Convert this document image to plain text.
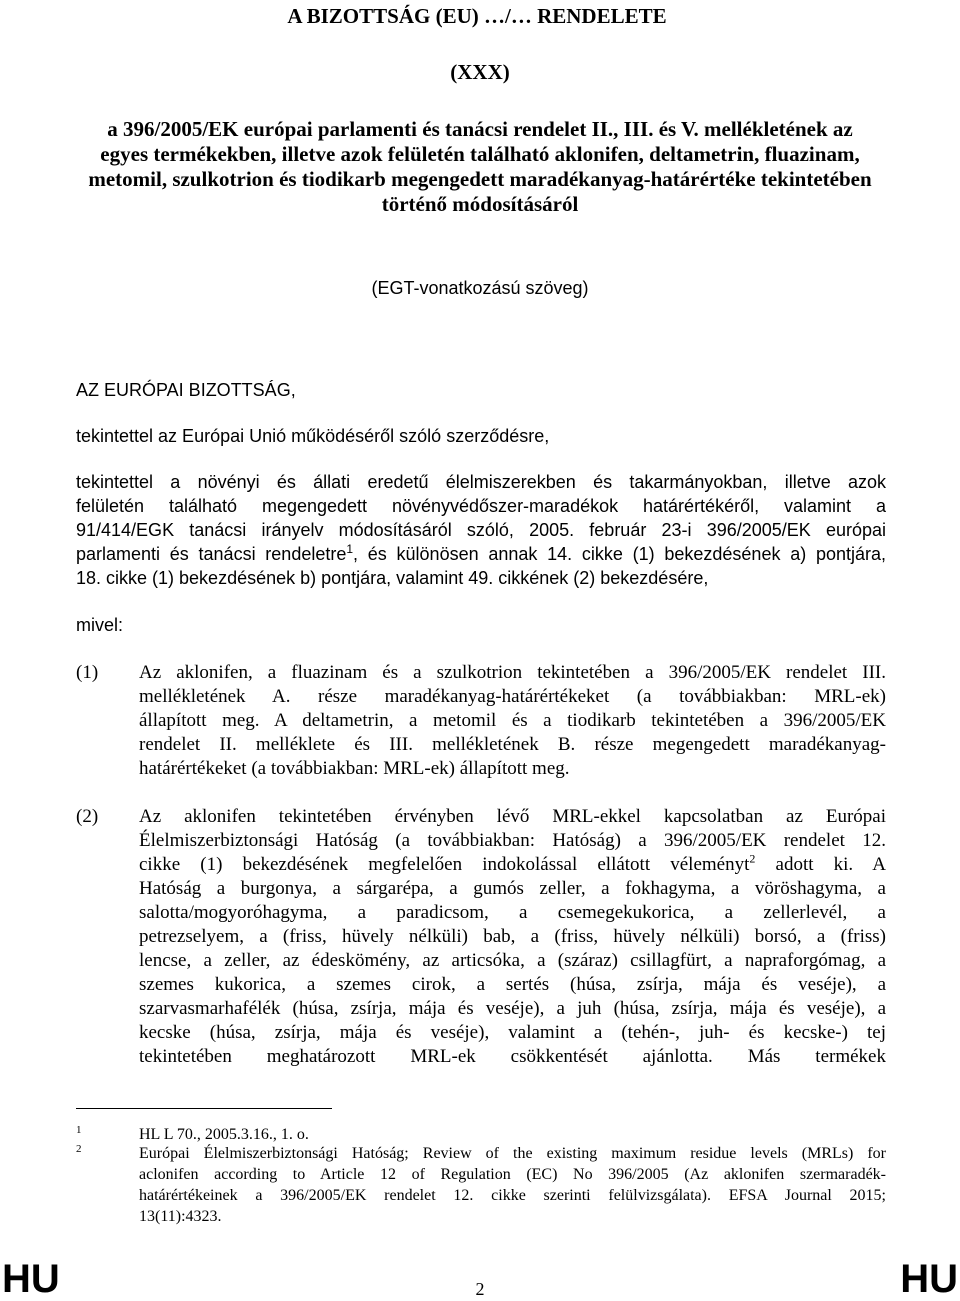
A BIZOTTSÁG (EU) …/… RENDELETE
(XXX)
a 396/2005/EK európai parlamenti és tanácsi rendelet II., III. és V. mellékletének az
egyes termékekben, illetve azok felületén található aklonifen, deltametrin, fluazinam,
metomil, szulkotrion és tiodikarb megengedett maradékanyag-határértéke tekintetében
történő módosításáról
(EGT-vonatkozású szöveg)
AZ EURÓPAI BIZOTTSÁG,
tekintettel az Európai Unió működéséről szóló szerződésre,
tekintettel a növényi és állati eredetű élelmiszerekben és takarmányokban, illetve azok
felületén található megengedett növényvédőszer-maradékok határértékéről, valamint a
91/414/EGK tanácsi irányelv módosításáról szóló, 2005. február 23-i 396/2005/EK európai
parlamenti és tanácsi rendeletre$^1$, és különösen annak 14. cikke (1) bekezdésének a) pontjára,
18. cikke (1) bekezdésének b) pontjára, valamint 49. cikkének (2) bekezdésére,
mivel:
(1) Az aklonifen, a fluazinam és a szulkotrion tekintetében a 396/2005/EK rendelet III.
mellékletének A. része maradékanyag-határértékeket (a továbbiakban: MRL-ek)
állapított meg. A deltametrin, a metomil és a tiodikarb tekintetében a 396/2005/EK
rendelet II. melléklete és III. mellékletének B. része megengedett maradékanyag-
határértékeket (a továbbiakban: MRL-ek) állapított meg.
(2) Az aklonifen tekintetében érvényben lévő MRL-ekkel kapcsolatban az Európai
Élelmiszerbiztonsági Hatóság (a továbbiakban: Hatóság) a 396/2005/EK rendelet 12.
cikke (1) bekezdésének megfelelően indokolással ellátott véleményt$^2$ adott ki. A
Hatóság a burgonya, a sárgarépa, a gumós zeller, a fokhagyma, a vöröshagyma, a
salotta/mogyoróhagyma, a paradicsom, a csemegekukorica, a zellerlevél, a
petrezselyem, a (friss, hüvely nélküli) bab, a (friss, hüvely nélküli) borsó, a (friss)
lencse, a zeller, az édeskömény, az articsóka, a (száraz) csillagfürt, a napraforgómag, a
szemes kukorica, a szemes cirok, a sertés (húsa, zsírja, mája és veséje), a
szarvasmarhafélék (húsa, zsírja, mája és veséje), a juh (húsa, zsírja, mája és veséje), a
kecske (húsa, zsírja, mája és veséje), valamint a (tehén-, juh- és kecske-) tej
tekintetében meghatározott MRL-ek csökkentését ajánlotta. Más termékek
1	HL L 70., 2005.3.16., 1. o.
2	Európai Élelmiszerbiztonsági Hatóság; Review of the existing maximum residue levels (MRLs) for
aclonifen according to Article 12 of Regulation (EC) No 396/2005 (Az aklonifen szermaradék-
határértékeinek a 396/2005/EK rendelet 12. cikke szerinti felülvizsgálata). EFSA Journal 2015;
13(11):4323.
HU	2	HU
